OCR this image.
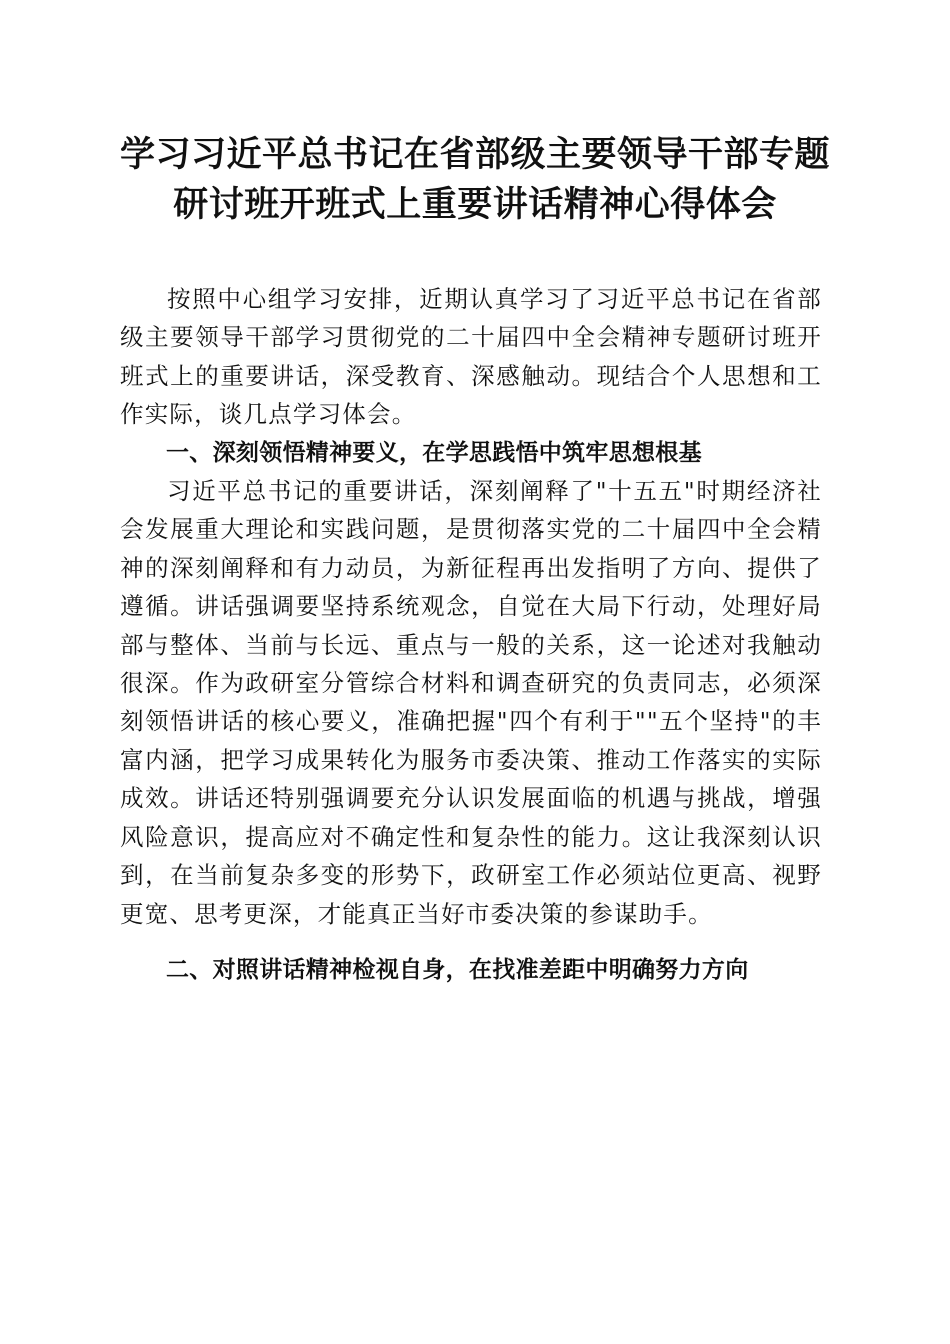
学习习近平总书记在省部级主要领导干部专题
研讨班开班式上重要讲话精神心得体会

按照中心组学习安排，近期认真学习了习近平总书记在省部级主要领导干部学习贯彻党的二十届四中全会精神专题研讨班开班式上的重要讲话，深受教育、深感触动。现结合个人思想和工作实际，谈几点学习体会。

一、深刻领悟精神要义，在学思践悟中筑牢思想根基

习近平总书记的重要讲话，深刻阐释了"十五五"时期经济社会发展重大理论和实践问题，是贯彻落实党的二十届四中全会精神的深刻阐释和有力动员，为新征程再出发指明了方向、提供了遵循。讲话强调要坚持系统观念，自觉在大局下行动，处理好局部与整体、当前与长远、重点与一般的关系，这一论述对我触动很深。作为政研室分管综合材料和调查研究的负责同志，必须深刻领悟讲话的核心要义，准确把握"四个有利于""五个坚持"的丰富内涵，把学习成果转化为服务市委决策、推动工作落实的实际成效。讲话还特别强调要充分认识发展面临的机遇与挑战，增强风险意识，提高应对不确定性和复杂性的能力。这让我深刻认识到，在当前复杂多变的形势下，政研室工作必须站位更高、视野更宽、思考更深，才能真正当好市委决策的参谋助手。

二、对照讲话精神检视自身，在找准差距中明确努力方向
